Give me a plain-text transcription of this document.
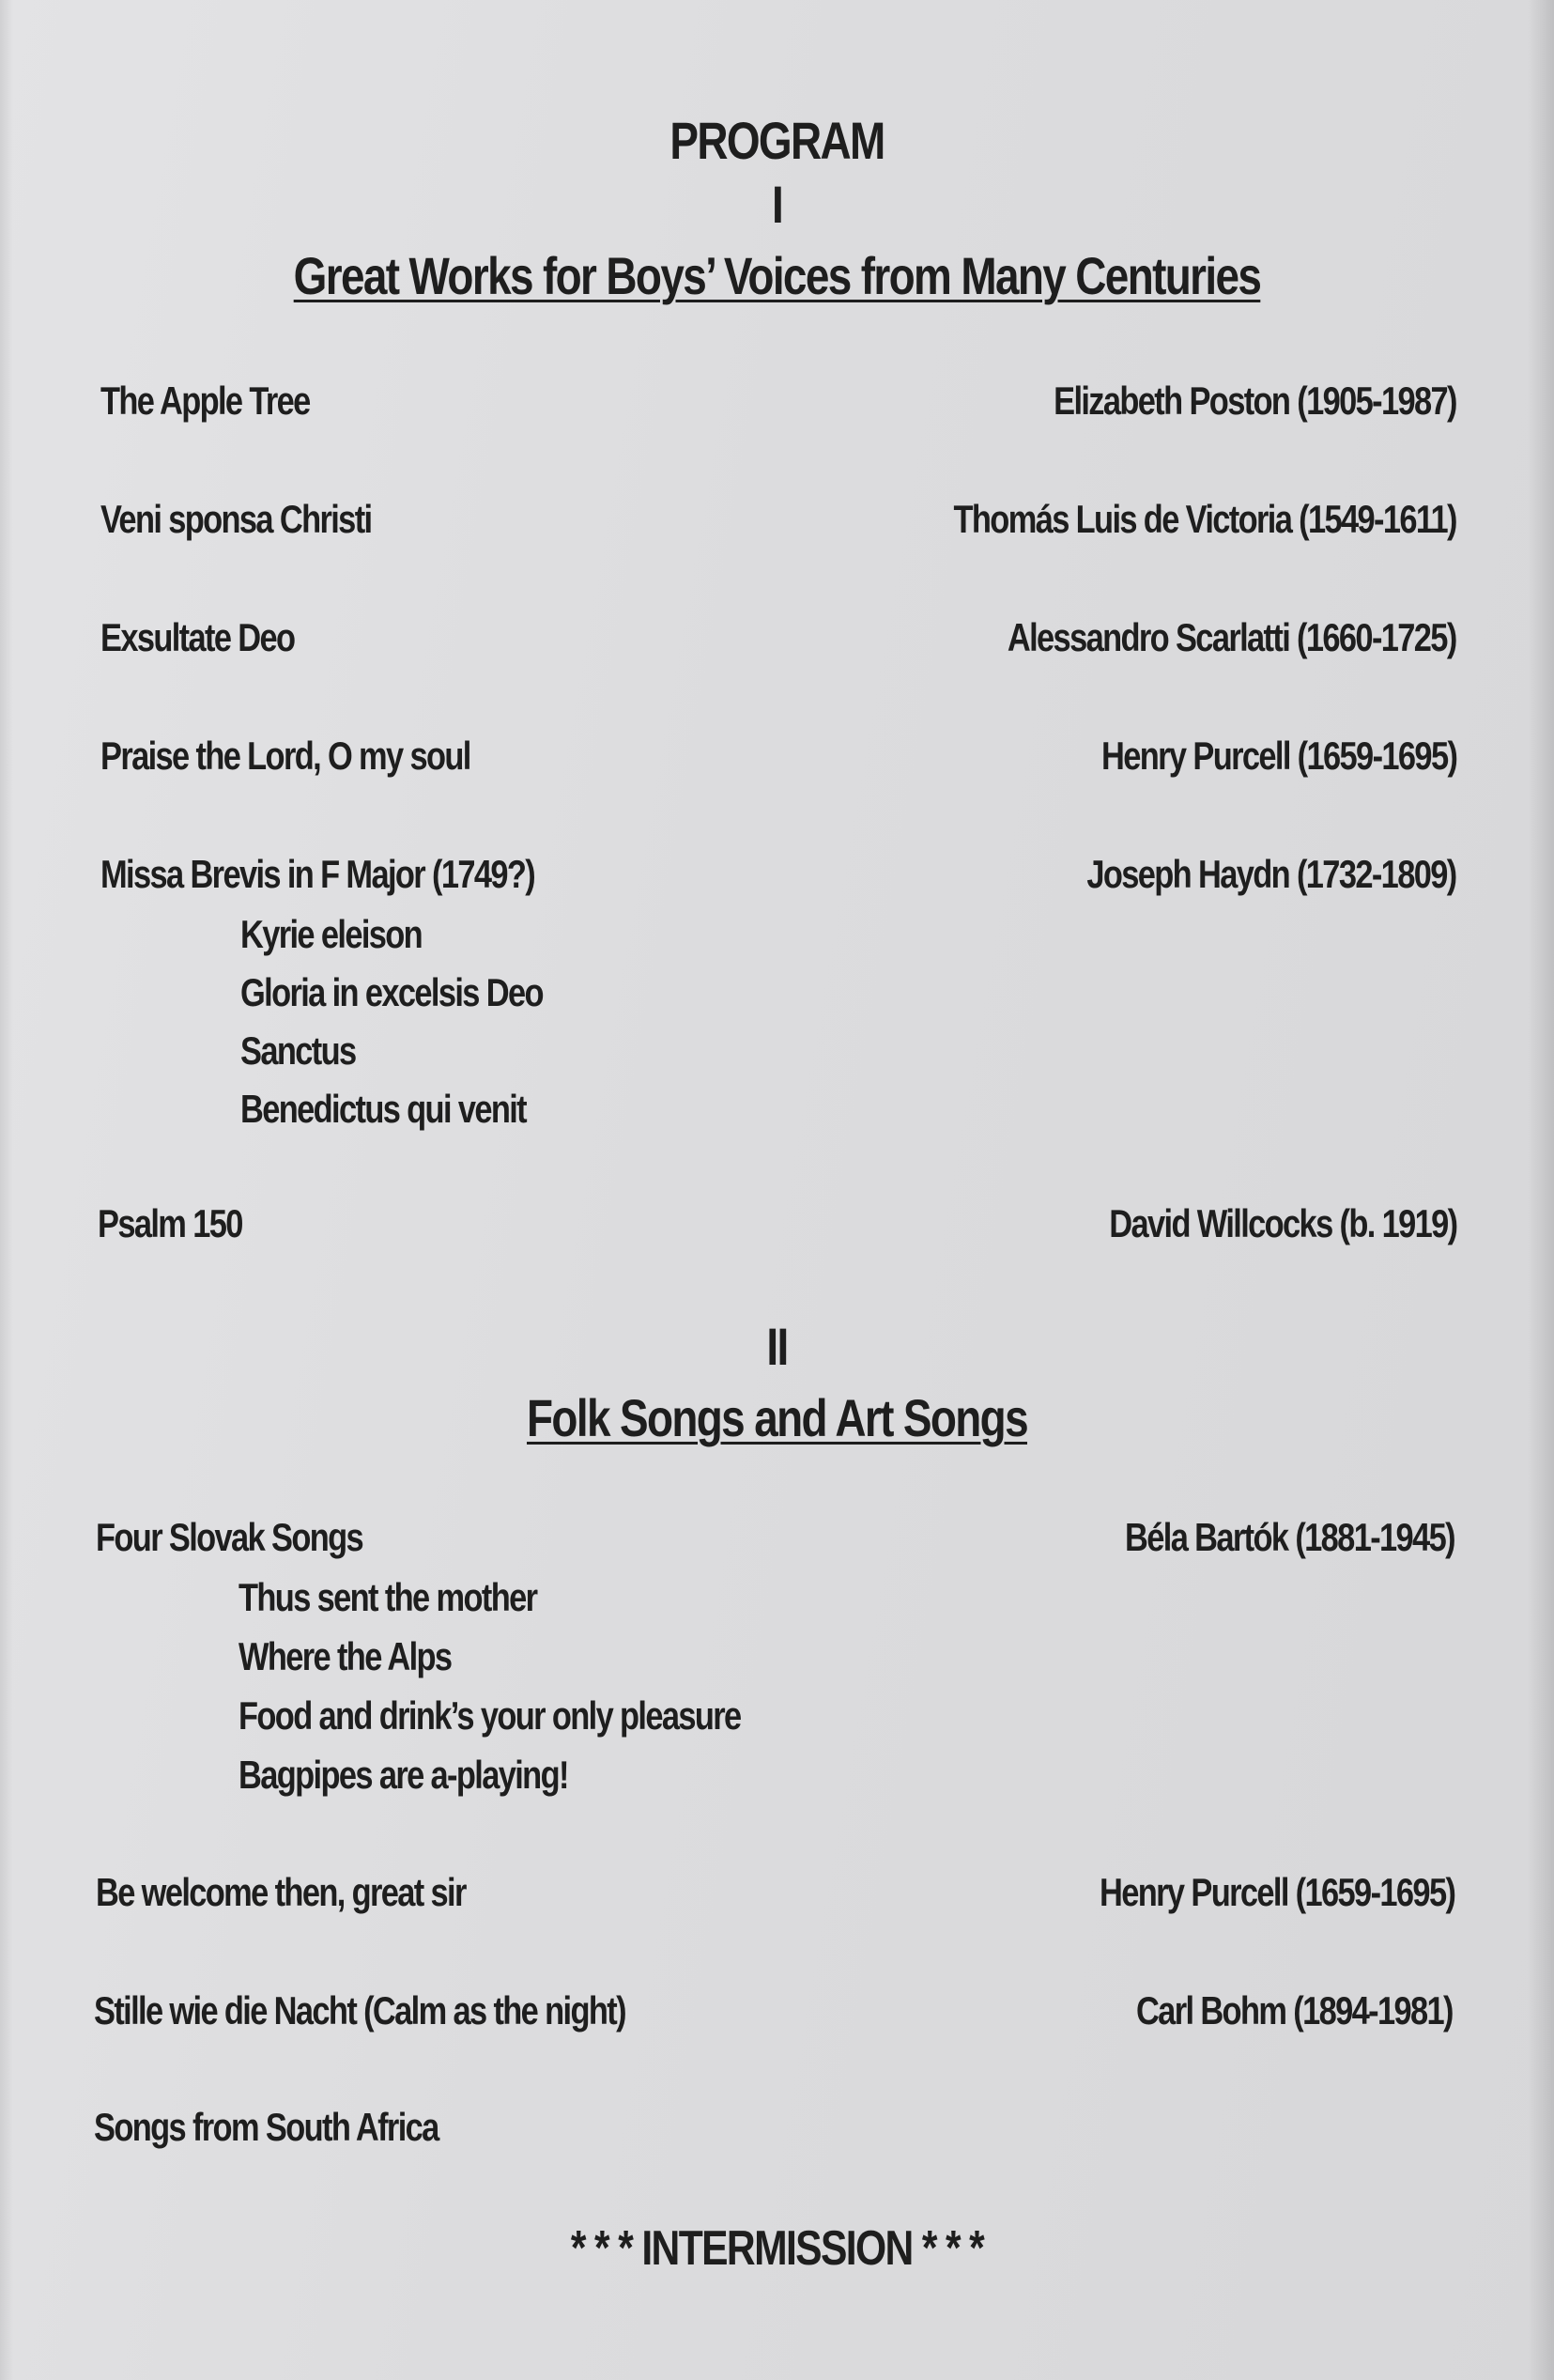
PROGRAM
I
Great Works for Boys’ Voices from Many Centuries
The Apple Tree	Elizabeth Poston (1905-1987)
Veni sponsa Christi	Thomás Luis de Victoria (1549-1611)
Exsultate Deo	Alessandro Scarlatti (1660-1725)
Praise the Lord, O my soul	Henry Purcell (1659-1695)
Missa Brevis in F Major (1749?)	Joseph Haydn (1732-1809)
Kyrie eleison
Gloria in excelsis Deo
Sanctus
Benedictus qui venit
Psalm 150	David Willcocks (b. 1919)
II
Folk Songs and Art Songs
Four Slovak Songs	Béla Bartók (1881-1945)
Thus sent the mother
Where the Alps
Food and drink’s your only pleasure
Bagpipes are a-playing!
Be welcome then, great sir	Henry Purcell (1659-1695)
Stille wie die Nacht (Calm as the night)	Carl Bohm (1894-1981)
Songs from South Africa
* * * INTERMISSION * * *
